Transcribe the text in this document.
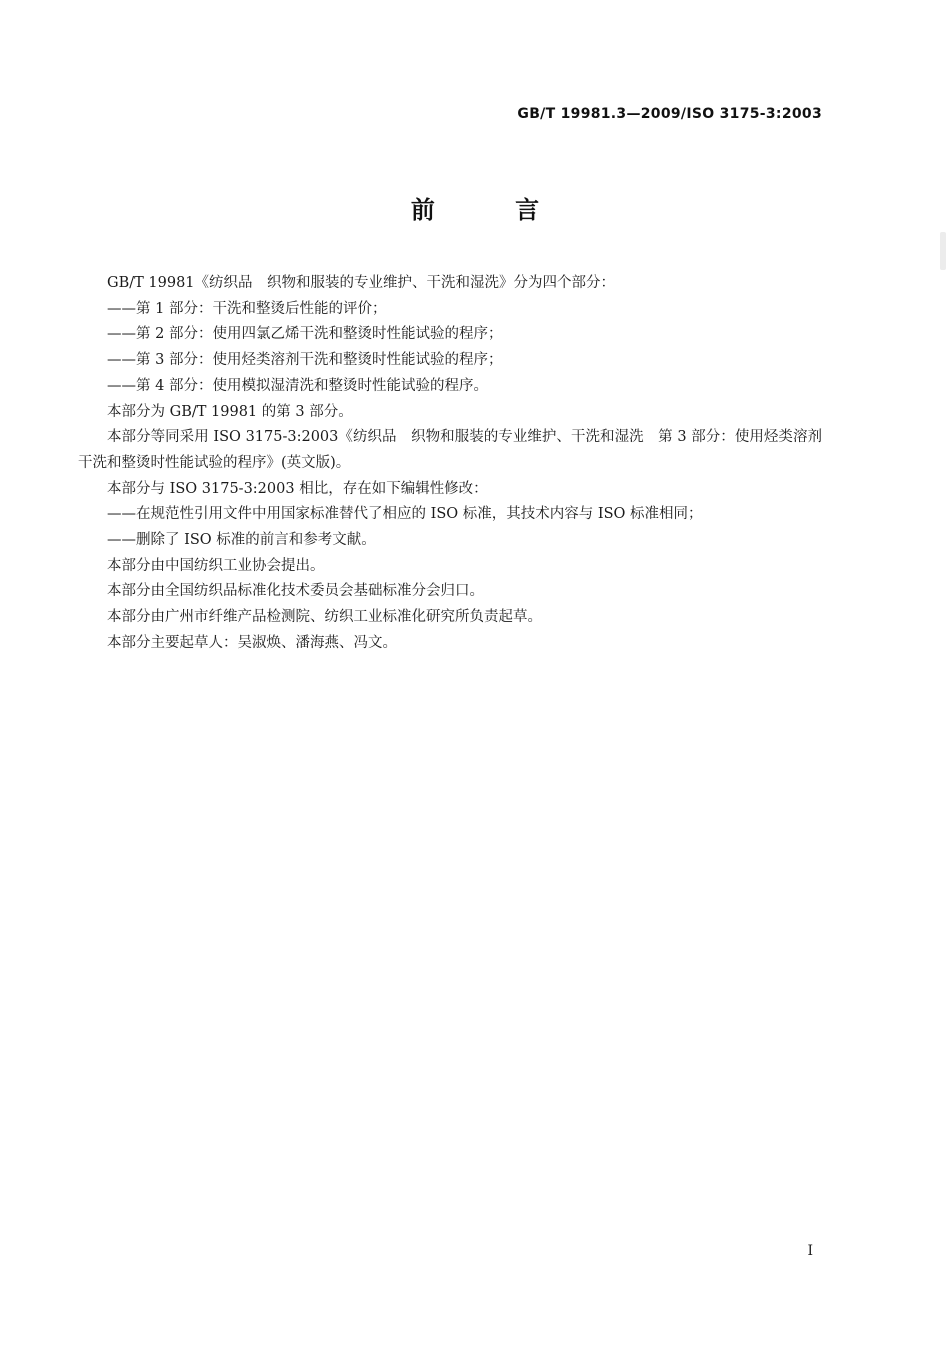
GB/T 19981.3—2009/ISO 3175-3:2003
前 言

GB/T 19981《纺织品　织物和服装的专业维护、干洗和湿洗》分为四个部分：

——第 1 部分：干洗和整烫后性能的评价；

——第 2 部分：使用四氯乙烯干洗和整烫时性能试验的程序；

——第 3 部分：使用烃类溶剂干洗和整烫时性能试验的程序；

——第 4 部分：使用模拟湿清洗和整烫时性能试验的程序。

本部分为 GB/T 19981 的第 3 部分。

本部分等同采用 ISO 3175-3:2003《纺织品　织物和服装的专业维护、干洗和湿洗　第 3 部分：使用烃类溶剂干洗和整烫时性能试验的程序》(英文版)。

本部分与 ISO 3175-3:2003 相比，存在如下编辑性修改：

——在规范性引用文件中用国家标准替代了相应的 ISO 标准，其技术内容与 ISO 标准相同；

——删除了 ISO 标准的前言和参考文献。

本部分由中国纺织工业协会提出。

本部分由全国纺织品标准化技术委员会基础标准分会归口。

本部分由广州市纤维产品检测院、纺织工业标准化研究所负责起草。

本部分主要起草人：吴淑焕、潘海燕、冯文。

I
